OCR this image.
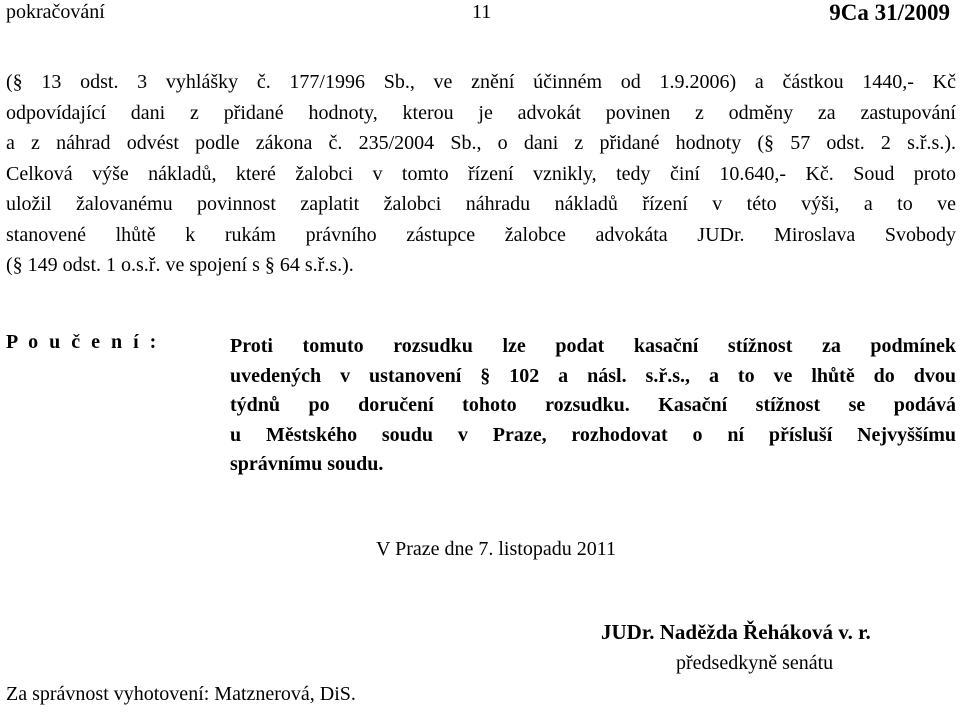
pokračování	11	9Ca 31/2009
(§ 13 odst. 3 vyhlášky č. 177/1996 Sb., ve znění účinném od 1.9.2006) a částkou 1440,- Kč
odpovídající dani z přidané hodnoty, kterou je advokát povinen z odměny za zastupování
a z náhrad odvést podle zákona č. 235/2004 Sb., o dani z přidané hodnoty (§ 57 odst. 2 s.ř.s.).
Celková výše nákladů, které žalobci v tomto řízení vznikly, tedy činí 10.640,- Kč. Soud proto
uložil žalovanému povinnost zaplatit žalobci náhradu nákladů řízení v této výši, a to ve
stanovené lhůtě k rukám právního zástupce žalobce advokáta JUDr. Miroslava Svobody
(§ 149 odst. 1 o.s.ř. ve spojení s § 64 s.ř.s.).
P o u č e n í :	Proti tomuto rozsudku lze podat kasační stížnost za podmínek
uvedených v ustanovení § 102 a násl. s.ř.s., a to ve lhůtě do dvou
týdnů po doručení tohoto rozsudku. Kasační stížnost se podává
u Městského soudu v Praze, rozhodovat o ní přísluší Nejvyššímu
správnímu soudu.
V Praze dne 7. listopadu 2011
JUDr. Naděžda Řeháková v. r.
předsedkyně senátu
Za správnost vyhotovení: Matznerová, DiS.
